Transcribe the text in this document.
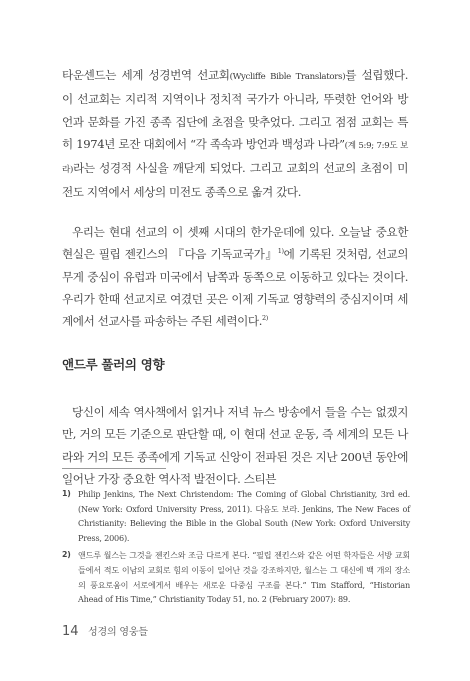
타운센드는 세계 성경번역 선교회(Wycliffe Bible Translators)를 설립했다. 이 선교회는 지리적 지역이나 정치적 국가가 아니라, 뚜렷한 언어와 방언과 문화를 가진 종족 집단에 초점을 맞추었다. 그리고 점점 교회는 특히 1974년 로잔 대회에서 “각 족속과 방언과 백성과 나라”(계 5:9; 7:9도 보라)라는 성경적 사실을 깨닫게 되었다. 그리고 교회의 선교의 초점이 미전도 지역에서 세상의 미전도 종족으로 옮겨 갔다.

우리는 현대 선교의 이 셋째 시대의 한가운데에 있다. 오늘날 중요한 현실은 필립 젠킨스의 『다음 기독교국가』$^{1)}$에 기록된 것처럼, 선교의 무게 중심이 유럽과 미국에서 남쪽과 동쪽으로 이동하고 있다는 것이다. 우리가 한때 선교지로 여겼던 곳은 이제 기독교 영향력의 중심지이며 세계에서 선교사를 파송하는 주된 세력이다.$^{2)}$

앤드루 풀러의 영향

당신이 세속 역사책에서 읽거나 저녁 뉴스 방송에서 들을 수는 없겠지만, 거의 모든 기준으로 판단할 때, 이 현대 선교 운동, 즉 세계의 모든 나라와 거의 모든 종족에게 기독교 신앙이 전파된 것은 지난 200년 동안에 일어난 가장 중요한 역사적 발전이다. 스티븐

1) Philip Jenkins, The Next Christendom: The Coming of Global Christianity, 3rd ed. (New York: Oxford University Press, 2011). 다음도 보라. Jenkins, The New Faces of Christianity: Believing the Bible in the Global South (New York: Oxford University Press, 2006).
2) 앤드루 월스는 그것을 젠킨스와 조금 다르게 본다. “필립 젠킨스와 같은 어떤 학자들은 서방 교회들에서 적도 이남의 교회로 힘의 이동이 일어난 것을 강조하지만, 월스는 그 대신에 백 개의 장소의 풍요로움이 서로에게서 배우는 새로운 다중심 구조를 본다.” Tim Stafford, “Historian Ahead of His Time,” Christianity Today 51, no. 2 (February 2007): 89.
14 성경의 영웅들
